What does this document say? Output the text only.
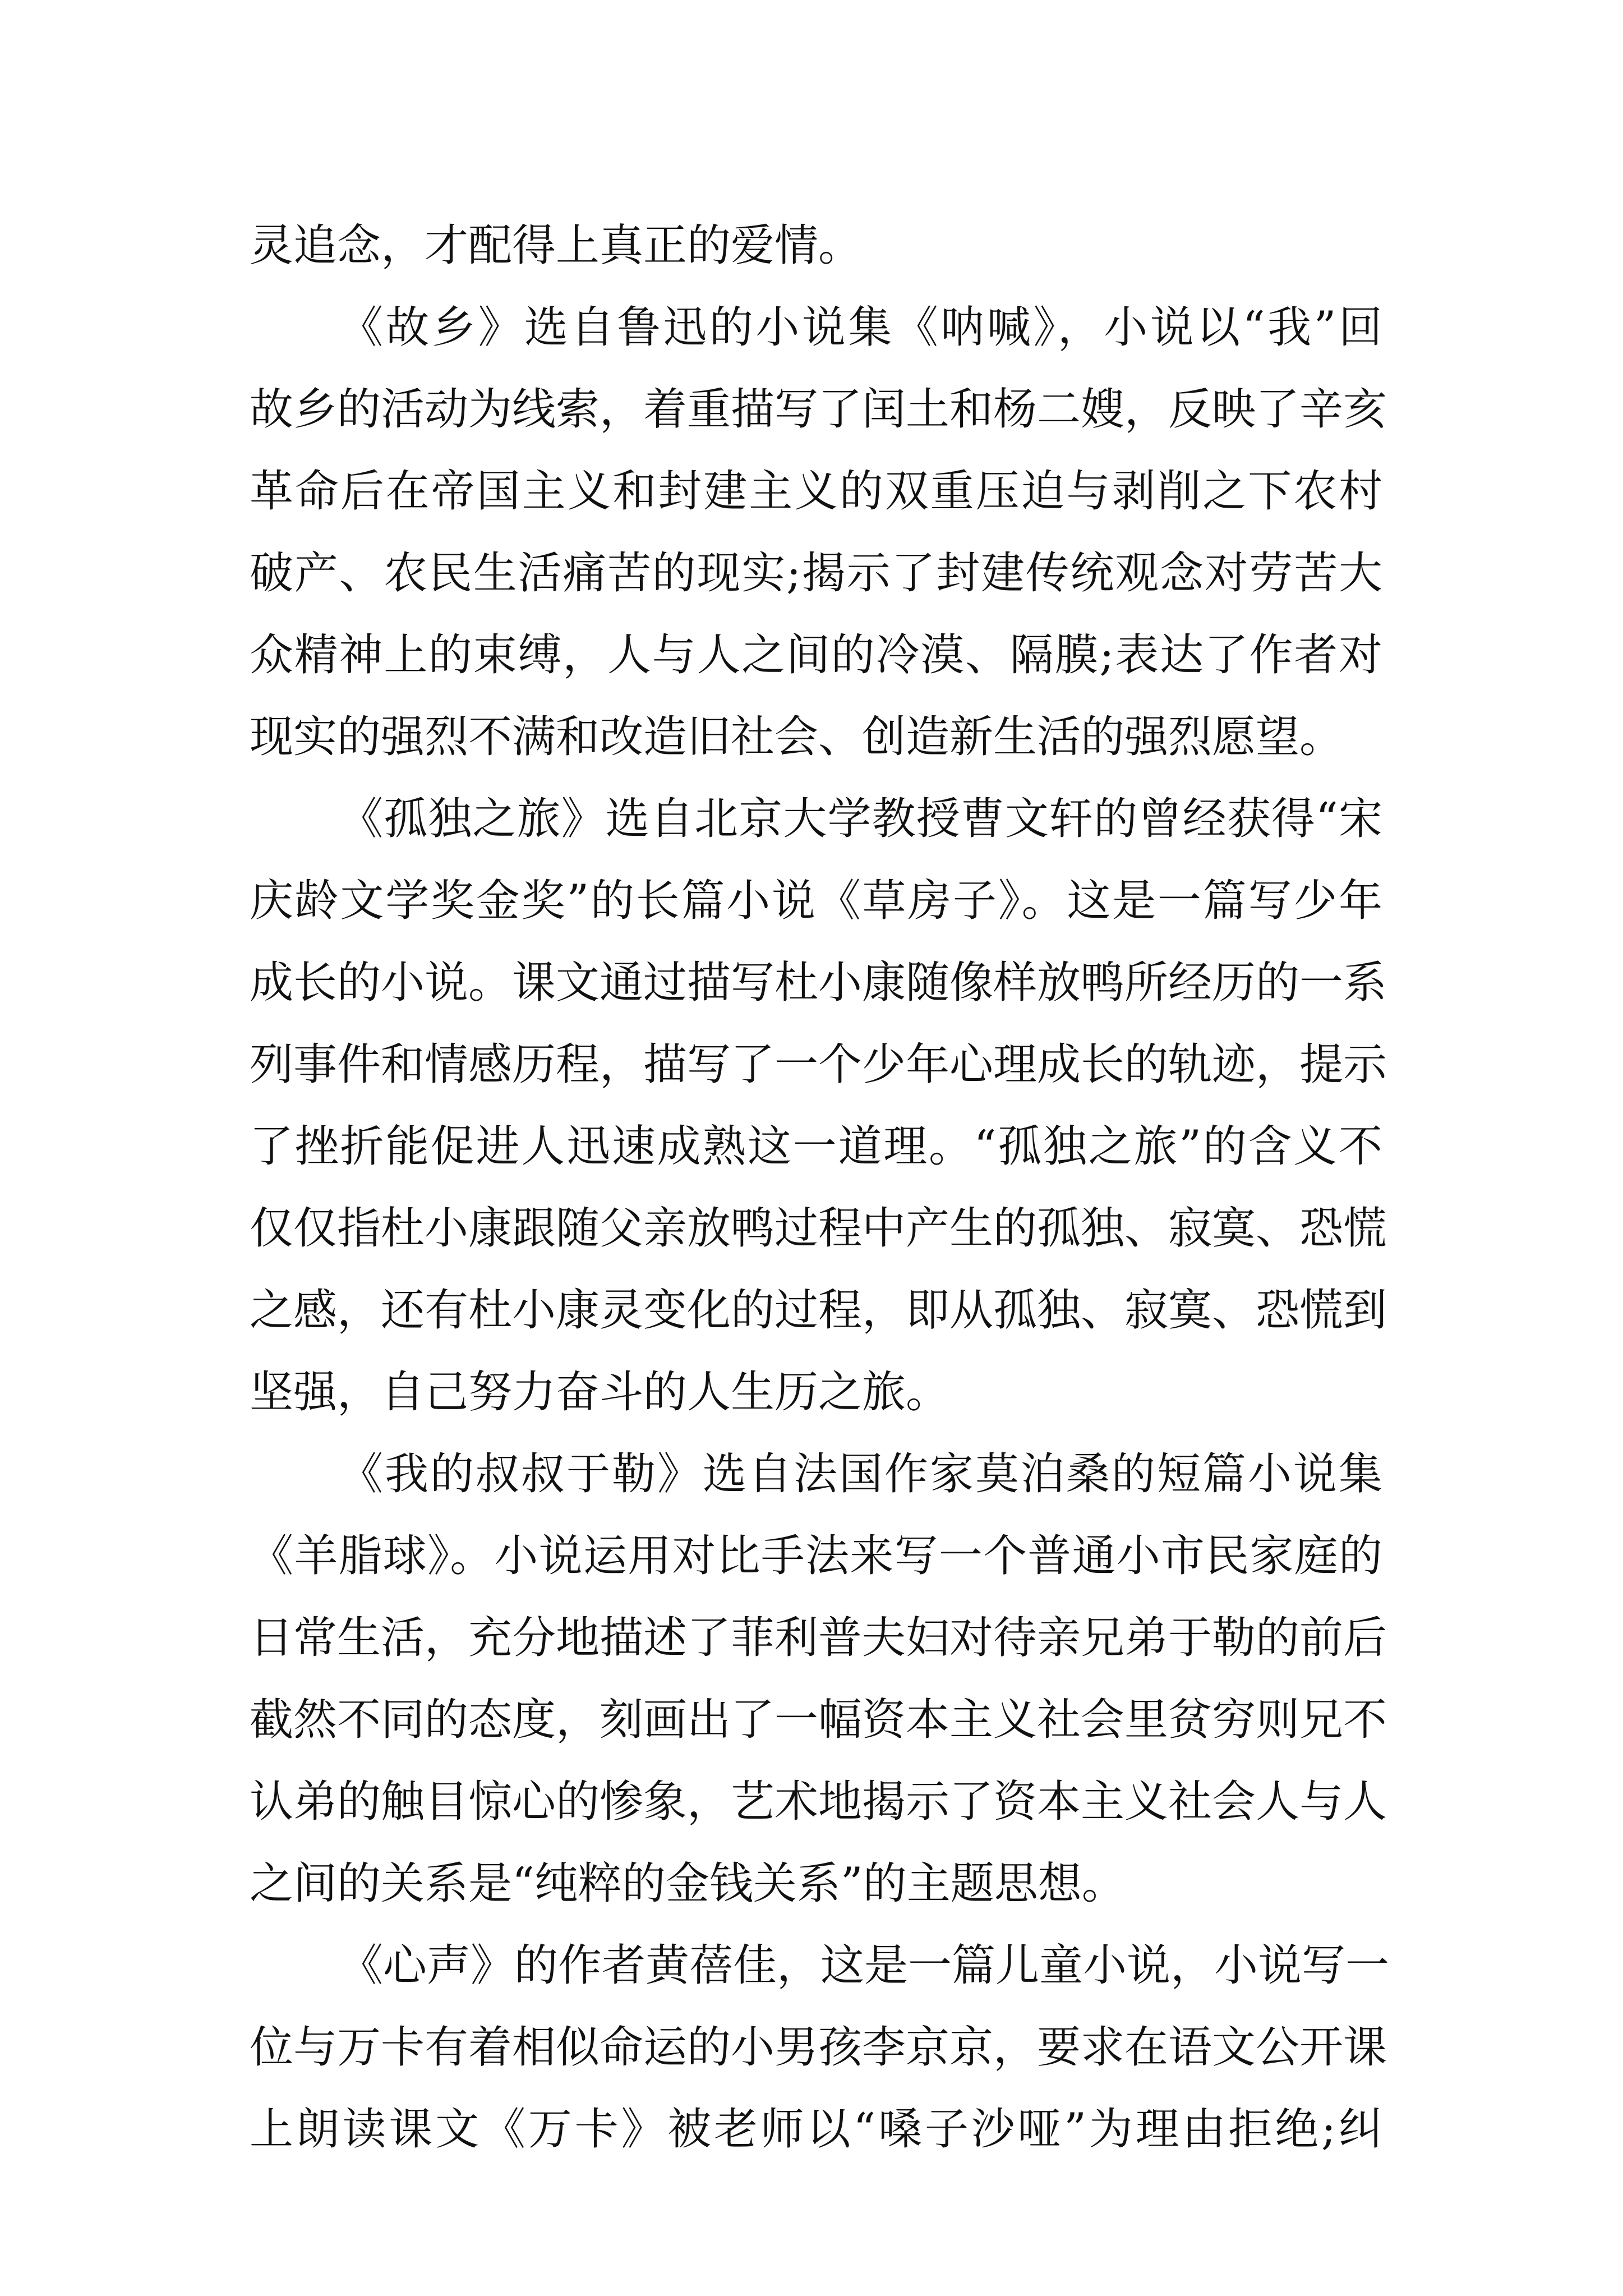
灵追念，才配得上真正的爱情。
《故乡》选自鲁迅的小说集《呐喊》，小说以“我”回
故乡的活动为线索，着重描写了闰土和杨二嫂，反映了辛亥
革命后在帝国主义和封建主义的双重压迫与剥削之下农村
破产、农民生活痛苦的现实;揭示了封建传统观念对劳苦大
众精神上的束缚，人与人之间的冷漠、隔膜;表达了作者对
现实的强烈不满和改造旧社会、创造新生活的强烈愿望。
《孤独之旅》选自北京大学教授曹文轩的曾经获得“宋
庆龄文学奖金奖”的长篇小说《草房子》。这是一篇写少年
成长的小说。课文通过描写杜小康随像样放鸭所经历的一系
列事件和情感历程，描写了一个少年心理成长的轨迹，提示
了挫折能促进人迅速成熟这一道理。“孤独之旅”的含义不
仅仅指杜小康跟随父亲放鸭过程中产生的孤独、寂寞、恐慌
之感，还有杜小康灵变化的过程，即从孤独、寂寞、恐慌到
坚强，自己努力奋斗的人生历之旅。
《我的叔叔于勒》选自法国作家莫泊桑的短篇小说集
《羊脂球》。小说运用对比手法来写一个普通小市民家庭的
日常生活，充分地描述了菲利普夫妇对待亲兄弟于勒的前后
截然不同的态度，刻画出了一幅资本主义社会里贫穷则兄不
认弟的触目惊心的惨象，艺术地揭示了资本主义社会人与人
之间的关系是“纯粹的金钱关系”的主题思想。
《心声》的作者黄蓓佳，这是一篇儿童小说，小说写一
位与万卡有着相似命运的小男孩李京京，要求在语文公开课
上朗读课文《万卡》被老师以“嗓子沙哑”为理由拒绝;纠
